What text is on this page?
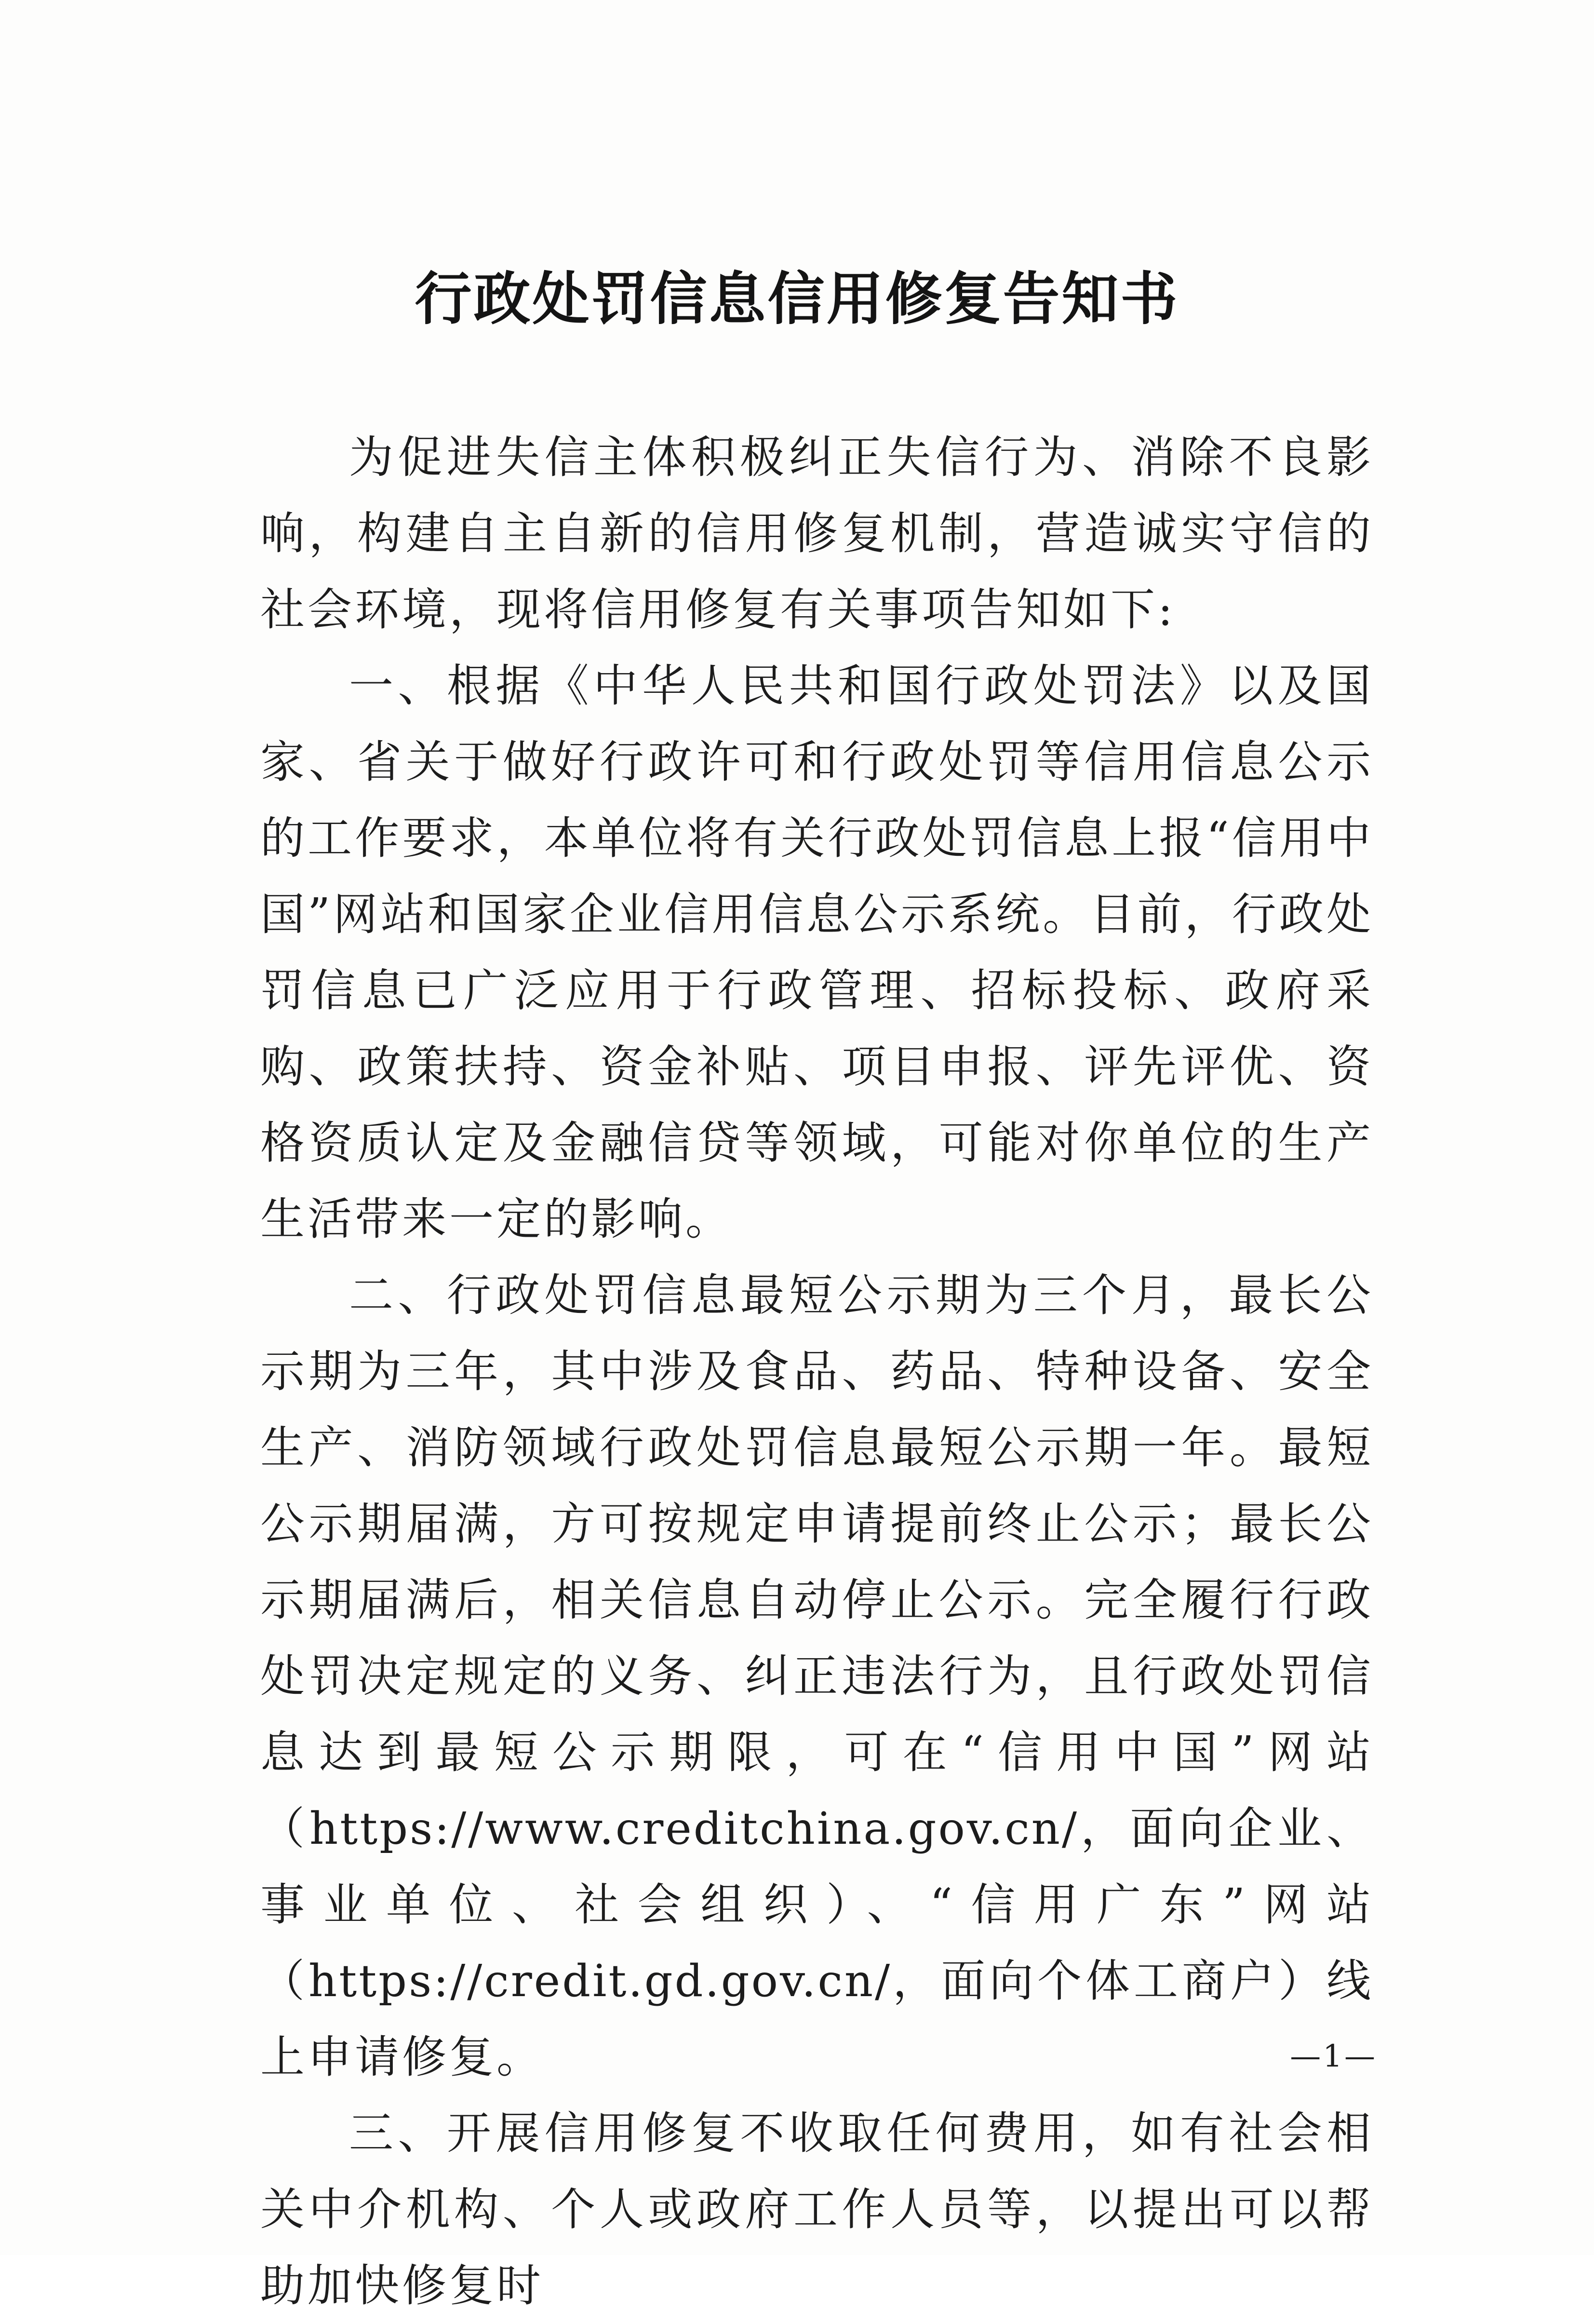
行政处罚信息信用修复告知书

为促进失信主体积极纠正失信行为、消除不良影响，构建自主自新的信用修复机制，营造诚实守信的社会环境，现将信用修复有关事项告知如下:

一、根据《中华人民共和国行政处罚法》以及国家、省关于做好行政许可和行政处罚等信用信息公示的工作要求，本单位将有关行政处罚信息上报“信用中国”网站和国家企业信用信息公示系统。目前，行政处罚信息已广泛应用于行政管理、招标投标、政府采购、政策扶持、资金补贴、项目申报、评先评优、资格资质认定及金融信贷等领域，可能对你单位的生产生活带来一定的影响。

二、行政处罚信息最短公示期为三个月，最长公示期为三年，其中涉及食品、药品、特种设备、安全生产、消防领域行政处罚信息最短公示期一年。最短公示期届满，方可按规定申请提前终止公示；最长公示期届满后，相关信息自动停止公示。完全履行行政处罚决定规定的义务、纠正违法行为，且行政处罚信息达到最短公示期限，可在“信用中国”网站（https://www.creditchina.gov.cn/，面向企业、事业单位、社会组织）、“信用广东”网站（https://credit.gd.gov.cn/，面向个体工商户）线上申请修复。

三、开展信用修复不收取任何费用，如有社会相关中介机构、个人或政府工作人员等，以提出可以帮助加快修复时

—1—
